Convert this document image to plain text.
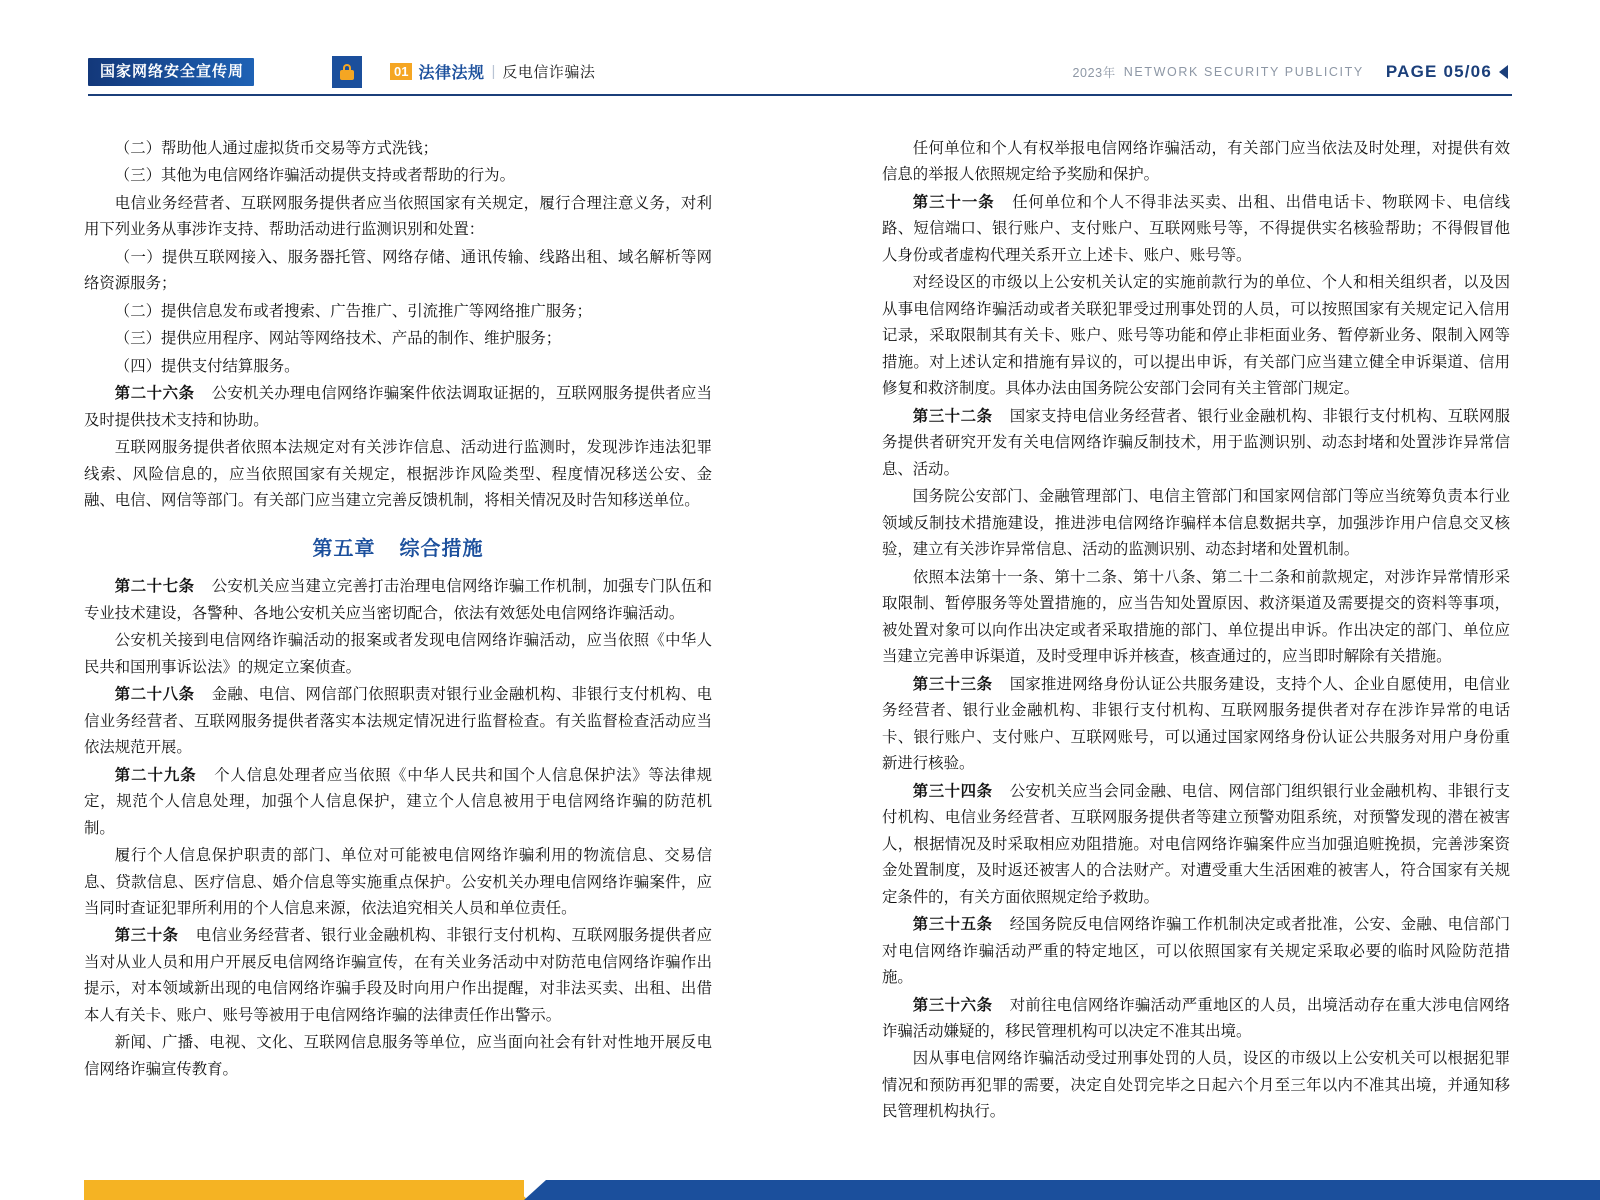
国家网络安全宣传周	01 法律法规 | 反电信诈骗法	2023年 NETWORK SECURITY PUBLICITY PAGE 05/06

（二）帮助他人通过虚拟货币交易等方式洗钱；

（三）其他为电信网络诈骗活动提供支持或者帮助的行为。

电信业务经营者、互联网服务提供者应当依照国家有关规定，履行合理注意义务，对利用下列业务从事涉诈支持、帮助活动进行监测识别和处置：

（一）提供互联网接入、服务器托管、网络存储、通讯传输、线路出租、域名解析等网络资源服务；

（二）提供信息发布或者搜索、广告推广、引流推广等网络推广服务；

（三）提供应用程序、网站等网络技术、产品的制作、维护服务；

（四）提供支付结算服务。

第二十六条 公安机关办理电信网络诈骗案件依法调取证据的，互联网服务提供者应当及时提供技术支持和协助。

互联网服务提供者依照本法规定对有关涉诈信息、活动进行监测时，发现涉诈违法犯罪线索、风险信息的，应当依照国家有关规定，根据涉诈风险类型、程度情况移送公安、金融、电信、网信等部门。有关部门应当建立完善反馈机制，将相关情况及时告知移送单位。

第五章 综合措施

第二十七条 公安机关应当建立完善打击治理电信网络诈骗工作机制，加强专门队伍和专业技术建设，各警种、各地公安机关应当密切配合，依法有效惩处电信网络诈骗活动。

公安机关接到电信网络诈骗活动的报案或者发现电信网络诈骗活动，应当依照《中华人民共和国刑事诉讼法》的规定立案侦查。

第二十八条 金融、电信、网信部门依照职责对银行业金融机构、非银行支付机构、电信业务经营者、互联网服务提供者落实本法规定情况进行监督检查。有关监督检查活动应当依法规范开展。

第二十九条 个人信息处理者应当依照《中华人民共和国个人信息保护法》等法律规定，规范个人信息处理，加强个人信息保护，建立个人信息被用于电信网络诈骗的防范机制。

履行个人信息保护职责的部门、单位对可能被电信网络诈骗利用的物流信息、交易信息、贷款信息、医疗信息、婚介信息等实施重点保护。公安机关办理电信网络诈骗案件，应当同时查证犯罪所利用的个人信息来源，依法追究相关人员和单位责任。

第三十条 电信业务经营者、银行业金融机构、非银行支付机构、互联网服务提供者应当对从业人员和用户开展反电信网络诈骗宣传，在有关业务活动中对防范电信网络诈骗作出提示，对本领域新出现的电信网络诈骗手段及时向用户作出提醒，对非法买卖、出租、出借本人有关卡、账户、账号等被用于电信网络诈骗的法律责任作出警示。

新闻、广播、电视、文化、互联网信息服务等单位，应当面向社会有针对性地开展反电信网络诈骗宣传教育。

任何单位和个人有权举报电信网络诈骗活动，有关部门应当依法及时处理，对提供有效信息的举报人依照规定给予奖励和保护。

第三十一条 任何单位和个人不得非法买卖、出租、出借电话卡、物联网卡、电信线路、短信端口、银行账户、支付账户、互联网账号等，不得提供实名核验帮助；不得假冒他人身份或者虚构代理关系开立上述卡、账户、账号等。

对经设区的市级以上公安机关认定的实施前款行为的单位、个人和相关组织者，以及因从事电信网络诈骗活动或者关联犯罪受过刑事处罚的人员，可以按照国家有关规定记入信用记录，采取限制其有关卡、账户、账号等功能和停止非柜面业务、暂停新业务、限制入网等措施。对上述认定和措施有异议的，可以提出申诉，有关部门应当建立健全申诉渠道、信用修复和救济制度。具体办法由国务院公安部门会同有关主管部门规定。

第三十二条 国家支持电信业务经营者、银行业金融机构、非银行支付机构、互联网服务提供者研究开发有关电信网络诈骗反制技术，用于监测识别、动态封堵和处置涉诈异常信息、活动。

国务院公安部门、金融管理部门、电信主管部门和国家网信部门等应当统筹负责本行业领域反制技术措施建设，推进涉电信网络诈骗样本信息数据共享，加强涉诈用户信息交叉核验，建立有关涉诈异常信息、活动的监测识别、动态封堵和处置机制。

依照本法第十一条、第十二条、第十八条、第二十二条和前款规定，对涉诈异常情形采取限制、暂停服务等处置措施的，应当告知处置原因、救济渠道及需要提交的资料等事项，被处置对象可以向作出决定或者采取措施的部门、单位提出申诉。作出决定的部门、单位应当建立完善申诉渠道，及时受理申诉并核查，核查通过的，应当即时解除有关措施。

第三十三条 国家推进网络身份认证公共服务建设，支持个人、企业自愿使用，电信业务经营者、银行业金融机构、非银行支付机构、互联网服务提供者对存在涉诈异常的电话卡、银行账户、支付账户、互联网账号，可以通过国家网络身份认证公共服务对用户身份重新进行核验。

第三十四条 公安机关应当会同金融、电信、网信部门组织银行业金融机构、非银行支付机构、电信业务经营者、互联网服务提供者等建立预警劝阻系统，对预警发现的潜在被害人，根据情况及时采取相应劝阻措施。对电信网络诈骗案件应当加强追赃挽损，完善涉案资金处置制度，及时返还被害人的合法财产。对遭受重大生活困难的被害人，符合国家有关规定条件的，有关方面依照规定给予救助。

第三十五条 经国务院反电信网络诈骗工作机制决定或者批准，公安、金融、电信部门对电信网络诈骗活动严重的特定地区，可以依照国家有关规定采取必要的临时风险防范措施。

第三十六条 对前往电信网络诈骗活动严重地区的人员，出境活动存在重大涉电信网络诈骗活动嫌疑的，移民管理机构可以决定不准其出境。

因从事电信网络诈骗活动受过刑事处罚的人员，设区的市级以上公安机关可以根据犯罪情况和预防再犯罪的需要，决定自处罚完毕之日起六个月至三年以内不准其出境，并通知移民管理机构执行。
